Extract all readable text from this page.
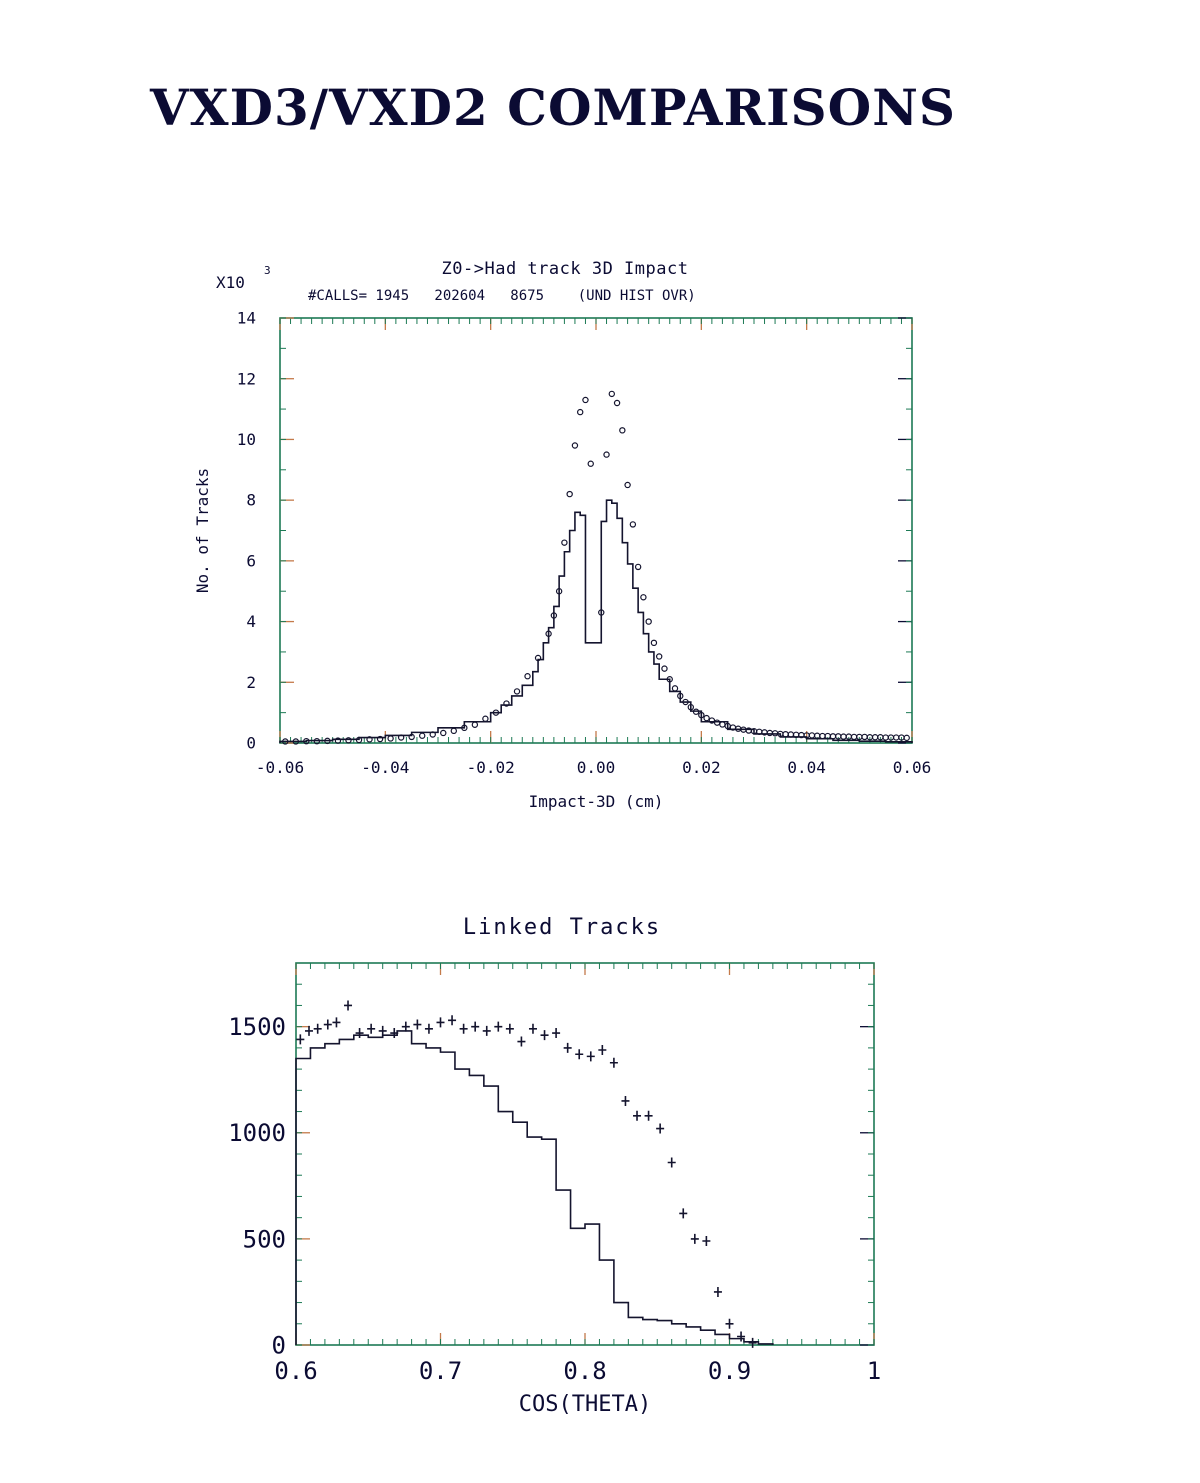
VXD3/VXD2 COMPARISONS
Z0->Had track 3D Impact
#CALLS= 1945   202604   8675    (UND HIST OVR)
X10
3
-0.06	-0.04	-0.02	0.00	0.02	0.04	0.06
0
2
4
6
8
10
12
14
Impact-3D (cm)
No. of Tracks
Linked Tracks
0.6	0.7	0.8	0.9	1
0
500
1000
1500
COS(THETA)
